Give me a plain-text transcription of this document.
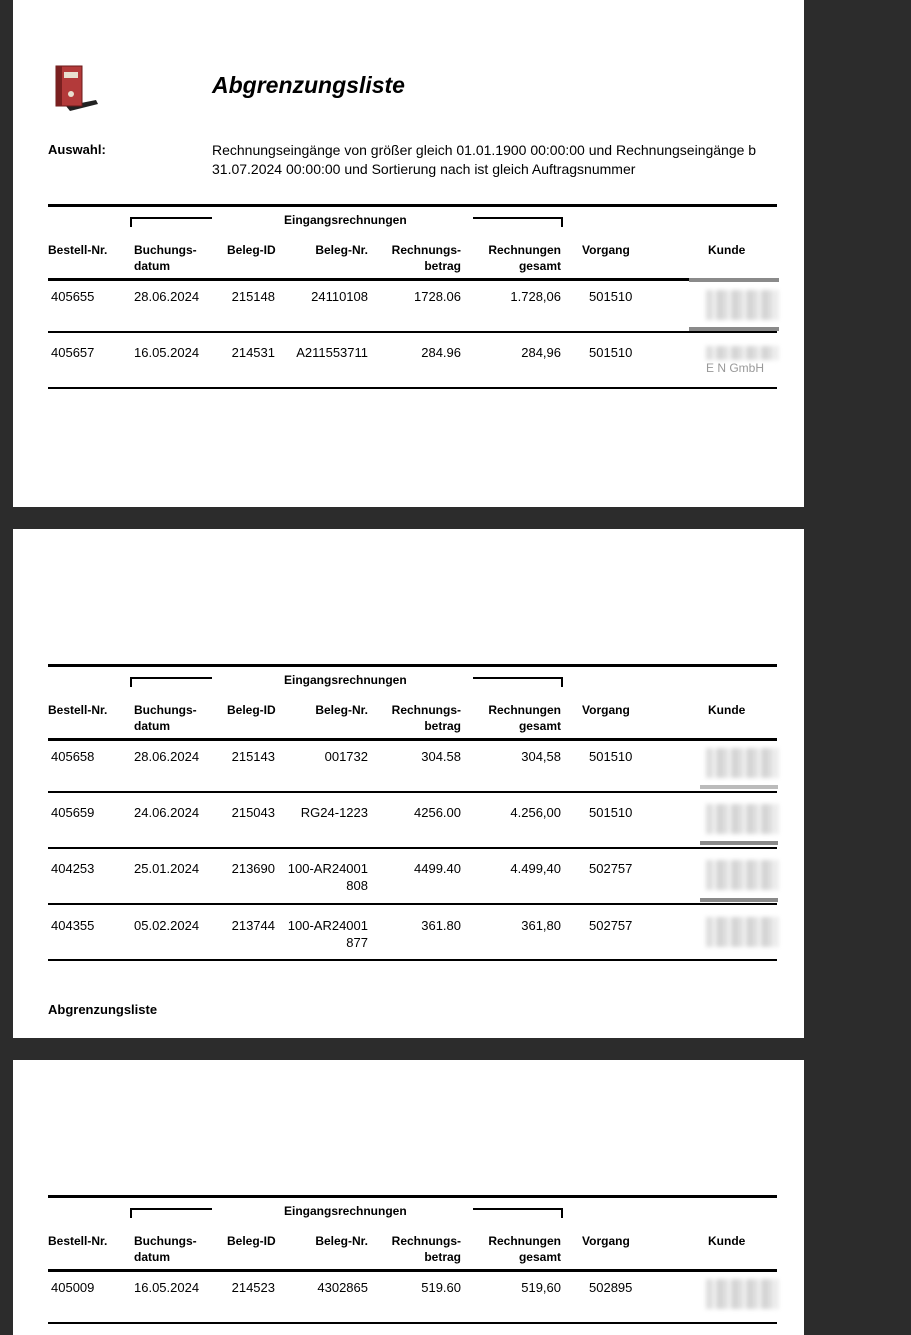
Abgrenzungsliste
Auswahl:	Rechnungseingänge von größer gleich 01.01.1900 00:00:00 und Rechnungseingänge b
31.07.2024 00:00:00 und Sortierung nach ist gleich Auftragsnummer
Eingangsrechnungen
Bestell-Nr. Buchungs-
datum
Beleg-ID	Beleg-Nr. Rechnungs-
betrag
Rechnungen
gesamt
Vorgang	Kunde
405655	28.06.2024	215148	24110108	1728.06	1.728,06 501510
405657	16.05.2024	214531 A211553711	284.96	284,96 501510
E N GmbH
Eingangsrechnungen
Bestell-Nr. Buchungs-
datum
Beleg-ID	Beleg-Nr. Rechnungs-
betrag
Rechnungen
gesamt
Vorgang	Kunde
405658	28.06.2024	215143	001732	304.58	304,58 501510
405659	24.06.2024	215043 RG24-1223	4256.00	4.256,00 501510
404253	25.01.2024	213690 100-AR24001
808
4499.40	4.499,40 502757
404355	05.02.2024	213744 100-AR24001
877
361.80	361,80 502757
Abgrenzungsliste
Eingangsrechnungen
Bestell-Nr. Buchungs-
datum
Beleg-ID	Beleg-Nr. Rechnungs-
betrag
Rechnungen
gesamt
Vorgang	Kunde
405009	16.05.2024	214523	4302865	519.60	519,60 502895
